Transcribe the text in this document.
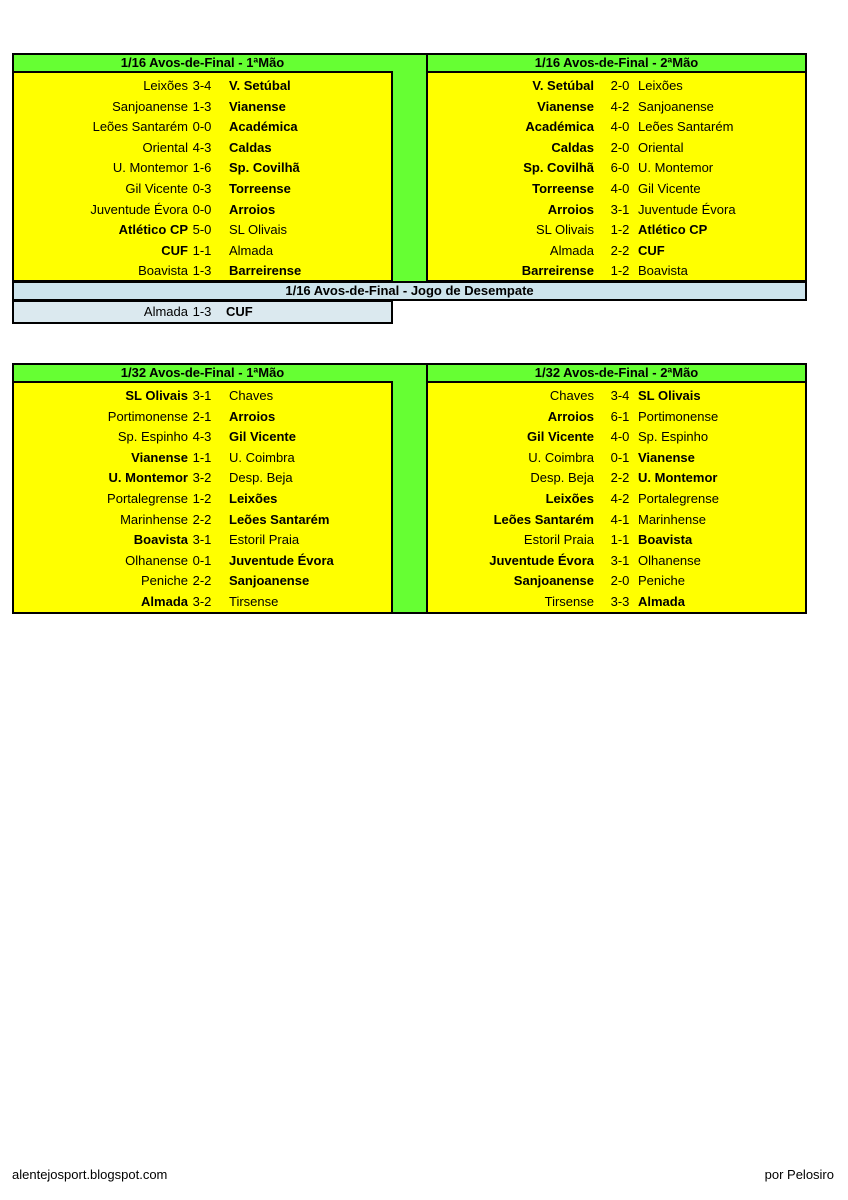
1/16 Avos-de-Final - 1ªMão	1/16 Avos-de-Final - 2ªMão
Leixões 3-4	V. Setúbal
Sanjoanense 1-3	Vianense
Leões Santarém 0-0	Académica
Oriental 4-3	Caldas
U. Montemor 1-6	Sp. Covilhã
Gil Vicente 0-3	Torreense
Juventude Évora 0-0	Arroios
Atlético CP 5-0	SL Olivais
CUF 1-1	Almada
Boavista 1-3	Barreirense
V. Setúbal	2-0 Leixões
Vianense	4-2 Sanjoanense
Académica	4-0 Leões Santarém
Caldas	2-0 Oriental
Sp. Covilhã	6-0 U. Montemor
Torreense	4-0 Gil Vicente
Arroios	3-1 Juventude Évora
SL Olivais	1-2 Atlético CP
Almada	2-2 CUF
Barreirense	1-2 Boavista
1/16 Avos-de-Final - Jogo de Desempate
Almada 1-3	CUF
1/32 Avos-de-Final - 1ªMão	1/32 Avos-de-Final - 2ªMão
SL Olivais 3-1	Chaves
Portimonense 2-1	Arroios
Sp. Espinho 4-3	Gil Vicente
Vianense 1-1	U. Coimbra
U. Montemor 3-2	Desp. Beja
Portalegrense 1-2	Leixões
Marinhense 2-2	Leões Santarém
Boavista 3-1	Estoril Praia
Olhanense 0-1	Juventude Évora
Peniche 2-2	Sanjoanense
Almada 3-2	Tirsense
Chaves	3-4 SL Olivais
Arroios	6-1 Portimonense
Gil Vicente	4-0 Sp. Espinho
U. Coimbra	0-1 Vianense
Desp. Beja	2-2 U. Montemor
Leixões	4-2 Portalegrense
Leões Santarém	4-1 Marinhense
Estoril Praia	1-1 Boavista
Juventude Évora	3-1 Olhanense
Sanjoanense	2-0 Peniche
Tirsense	3-3 Almada
alentejosport.blogspot.com	por Pelosiro
